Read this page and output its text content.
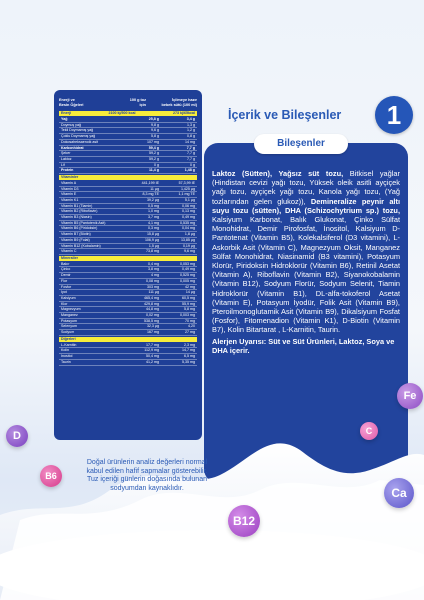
Enerji ve
Besin Öğeleri
100 g toz
için
İçilmeye hazır
bebek sütü (100 ml)
Enerji	2100 kj/500 kcal	273 kj/65kcal
Yağ	25,8 g	3,4 g
Doymuş yağ	9,8 g	1,3 g
Tekli Doymamış yağ	9,6 g	1,2 g
Çoklu Doymamış yağ	5,8 g	0,8 g
Dokosaheksaenoik asit	107 mg	14 mg
Karbonhidrat	59,4 g	7,7 g
Şeker	59,2 g	7,7 g
Laktoz	59,2 g	7,7 g
Lif	0 g	0 g
Protein	11,4 g	1,48 g
Vitaminler
Vitamin A	441,199 IE	57,3,99 IE
Vitamin D3	11 µg	1,425 µg
Vitamin E	8,3 mg TE	1,1 mg TE
Vitamin K1	39,2 µg	5,1 µg
Vitamin B1 (Tiamin)	0,5 mg	0,06 mg
Vitamin B2 (Riboflavin)	1,0 mg	0,13 mg
Vitamin B3 (Niasin)	3,7 mg	0,49 mg
Vitamin B5 (Pantotenik Asit)	4,1 mg	0,535 mg
Vitamin B6 (Piridoksin)	0,3 mg	0,04 mg
Vitamin B7 (Biotin)	15,8 µg	1,8 µg
Vitamin B9 (Folat)	106,9 µg	13,85 µg
Vitamin B12 (Kobalamin)	1,5 µg	0,19 µg
Vitamin C	73,8 mg	9,6 mg
Mineraller
Bakır	0,4 mg	0,053 mg
Çinko	3,8 mg	0,49 mg
Demir	4 mg	0,525 mg
Flor	0,08 mg	0,005 mg
Fosfor	303 mg	42 mg
İyot	111 µg	14 µg
Kalsiyum	465,4 mg	60,5 mg
Klor	429,8 mg	55,9 mg
Magnezyum	44,8 mg	5,8 mg
Manganez	0,02 mg	0,003 mg
Potasyum	538,5 mg	70 mg
Selenyum	32,3 µg	4,20
Sodyum	167 mg	27 mg
Diğerleri
L-Karnitin	17,7 mg	2,3 mg
Kolin	112,9 mg	14,7 mg
İnositol	50,4 mg	6,5 mg
Taurin	41,2 mg	5,35 mg
İçerik ve Bileşenler	1

Laktoz (Sütten), Yağsız süt tozu, Bitkisel yağlar (Hindistan cevizi yağı tozu, Yüksek oleik asitli ayçiçek yağı tozu, ayçiçek yağı tozu, Kanola yağı tozu, (Yağ tozlarından gelen glukoz)), Demineralize peynir altı suyu tozu (sütten), DHA (Schizochytrium sp.) tozu, Kalsiyum Karbonat, Balık Glukonat, Çinko Sülfat Monohidrat, Demir Pirofosfat, İnositol, Kalsiyum D-Pantotenat (Vitamin B5), Kolekalsiferol (D3 vitamini), L-Askorbik Asit (Vitamin C), Magnezyum Oksit, Manganez Sülfat Monohidrat, Niasinamid (B3 vitamini), Potasyum Klorür, Piridoksin Hidroklorür (Vitamin B6), Retinil Asetat (Vitamin A), Riboflavin (Vitamin B2), Siyanokobalamin (Vitamin B12), Sodyum Florür, Sodyum Selenit, Tiamin Hidroklorür (Vitamin B1), DL-alfa-tokoferol Asetat (Vitamin E), Potasyum İyodür, Folik Asit (Vitamin B9), Pteroilmonoglutamik Asit (Vitamin B9), Dikalsiyum Fosfat (Fosfor), Fitomenadion (Vitamin K1), D-Biotin (Vitamin B7), Kolin Bitartarat , L-Karnitin, Taurin.

Alerjen Uyarısı: Süt ve Süt Ürünleri, Laktoz, Soya ve DHA içerir.

Bileşenler
Doğal ürünlerin analiz değerleri normal kabul edilen hafif sapmalar gösterebilir. Tuz içeriği günlerin doğasında bulunan sodyumdan kaynaklıdır.
D
B6
B12
C
Fe
Ca
